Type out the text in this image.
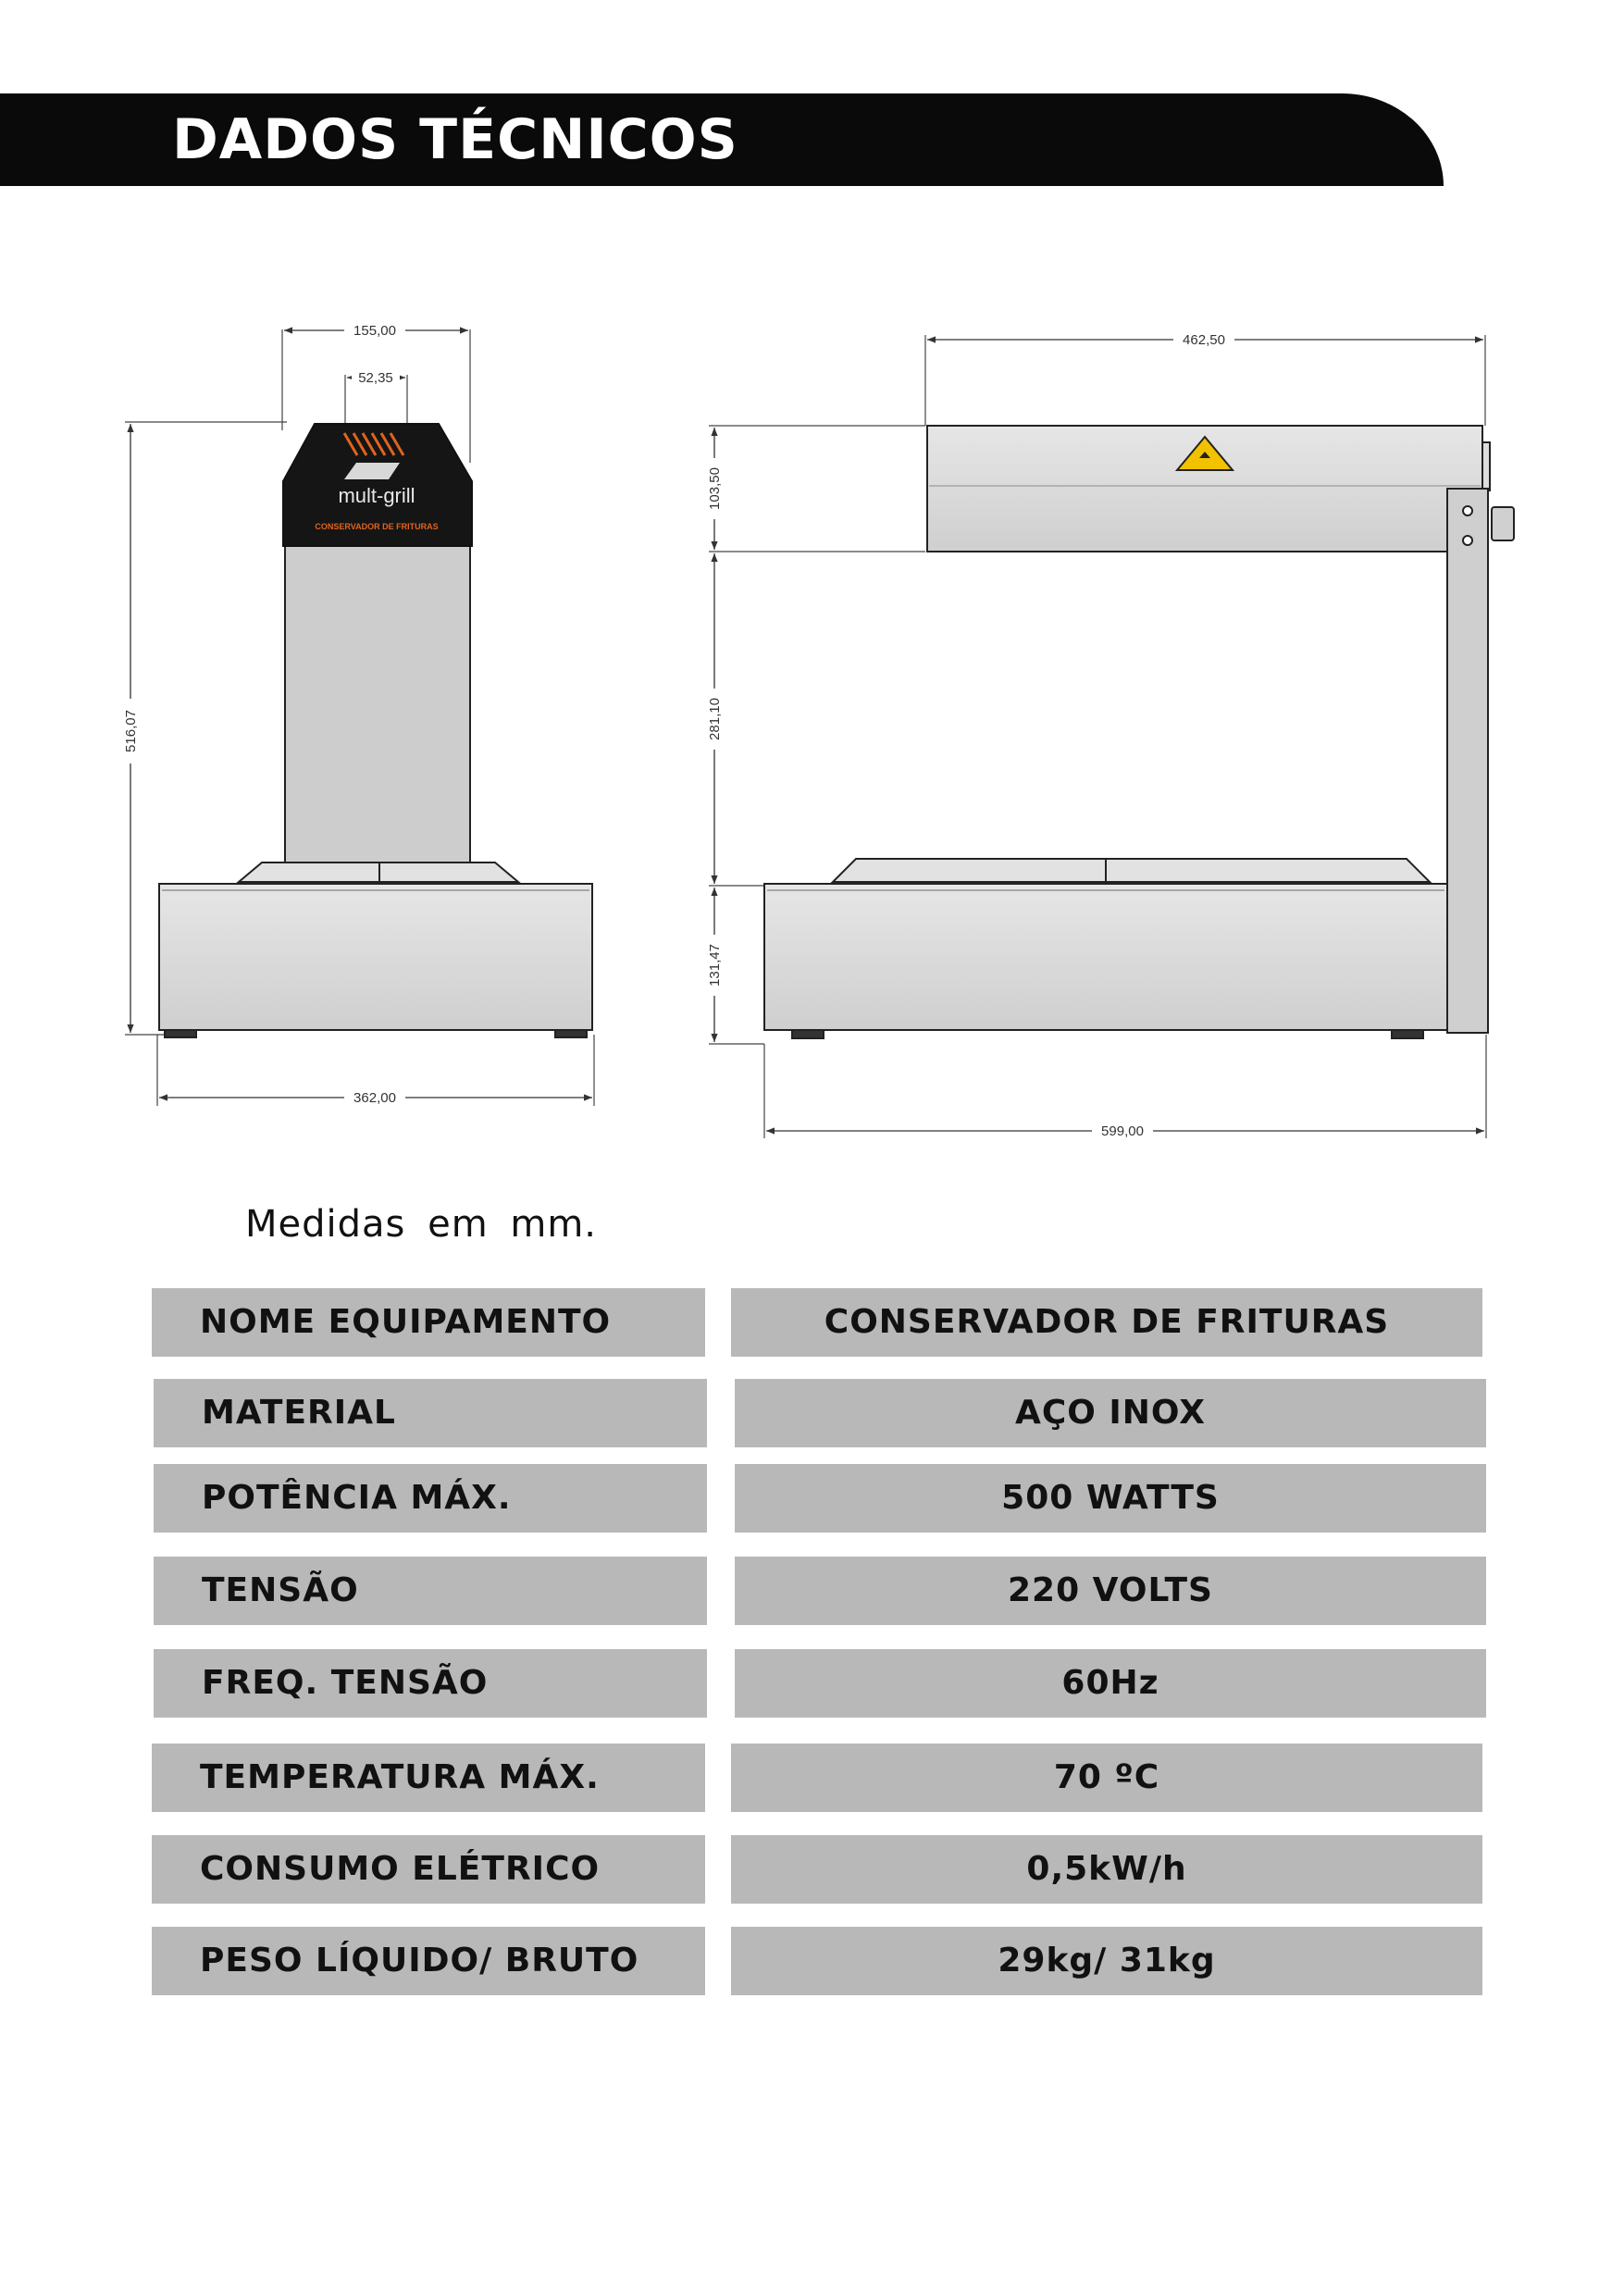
DADOS TÉCNICOS
155,00
52,35
516,07
362,00
mult-grill
CONSERVADOR DE FRITURAS
462,50
103,50
281,10
131,47
599,00
Medidas em mm.
NOME EQUIPAMENTO	CONSERVADOR DE FRITURAS
MATERIAL	AÇO INOX
POTÊNCIA MÁX.	500 WATTS
TENSÃO	220 VOLTS
FREQ. TENSÃO	60Hz
TEMPERATURA MÁX.	70 ºC
CONSUMO ELÉTRICO	0,5kW/h
PESO LÍQUIDO/ BRUTO	29kg/ 31kg
